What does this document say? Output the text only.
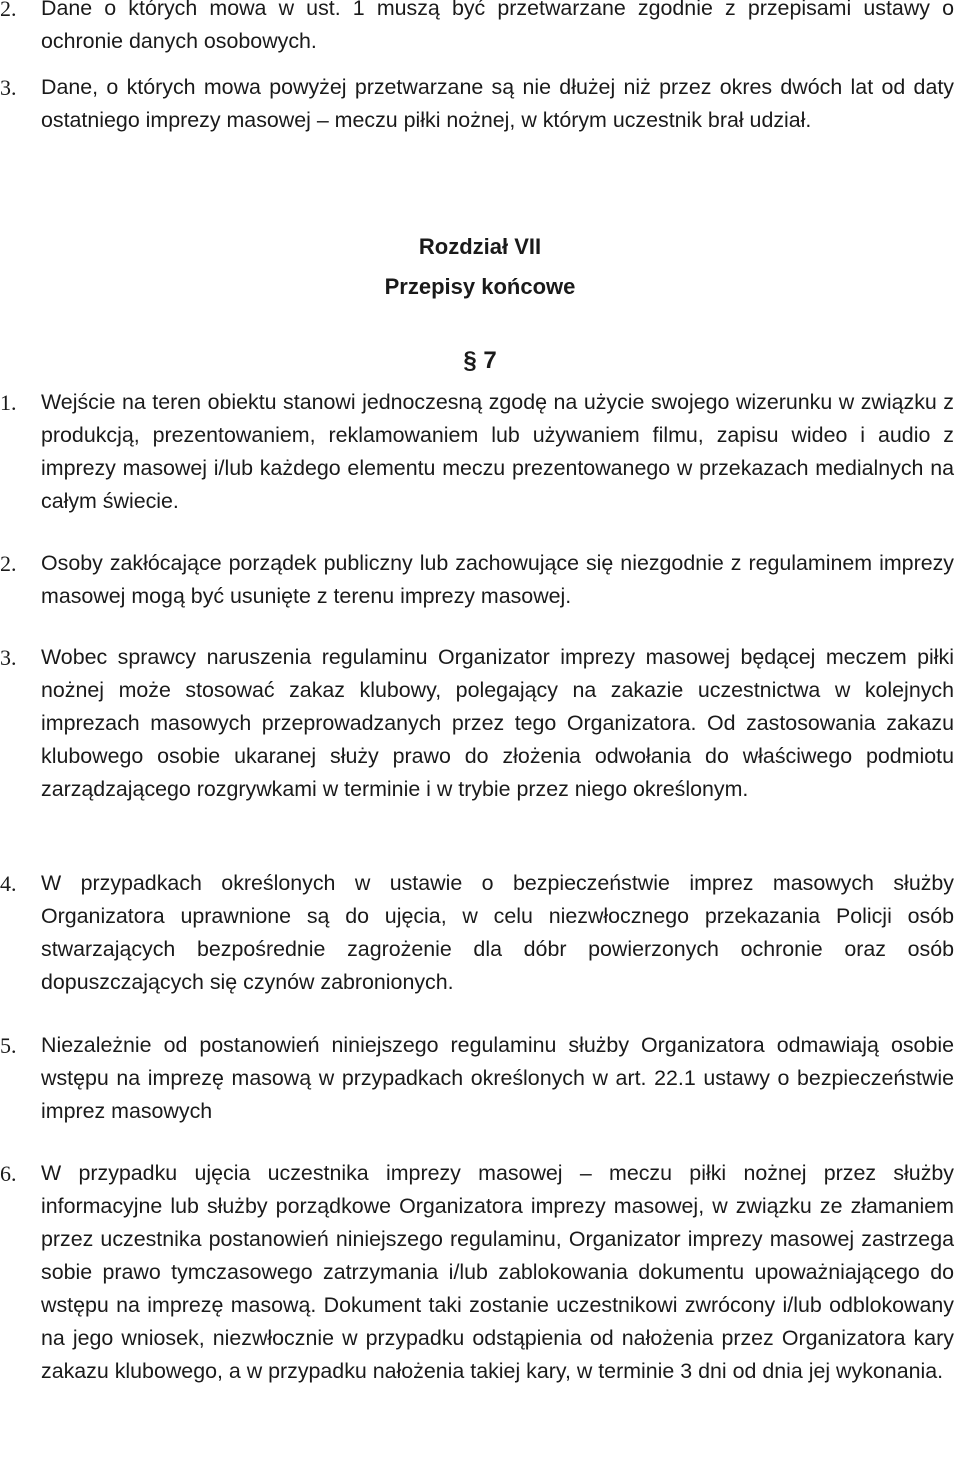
2.	Dane o których mowa w ust. 1 muszą być przetwarzane zgodnie z przepisami ustawy o ochronie danych osobowych.
3.	Dane, o których mowa powyżej przetwarzane są nie dłużej niż przez okres dwóch lat od daty ostatniego imprezy masowej – meczu piłki nożnej, w którym uczestnik brał udział.
Rozdział VII
Przepisy końcowe
§ 7
1.	Wejście na teren obiektu stanowi jednoczesną zgodę na użycie swojego wizerunku w związku z produkcją, prezentowaniem, reklamowaniem lub używaniem filmu, zapisu wideo i audio z imprezy masowej i/lub każdego elementu meczu prezentowanego w przekazach medialnych na całym świecie.
2.	Osoby zakłócające porządek publiczny lub zachowujące się niezgodnie z regulaminem imprezy masowej mogą być usunięte z terenu imprezy masowej.
3.	Wobec sprawcy naruszenia regulaminu Organizator imprezy masowej będącej meczem piłki nożnej może stosować zakaz klubowy, polegający na zakazie uczestnictwa w kolejnych imprezach masowych przeprowadzanych przez tego Organizatora. Od zastosowania zakazu klubowego osobie ukaranej służy prawo do złożenia odwołania do właściwego podmiotu zarządzającego rozgrywkami w terminie i w trybie przez niego określonym.
4.	W przypadkach określonych w ustawie o bezpieczeństwie imprez masowych służby Organizatora uprawnione są do ujęcia, w celu niezwłocznego przekazania Policji osób stwarzających bezpośrednie zagrożenie dla dóbr powierzonych ochronie oraz osób dopuszczających się czynów zabronionych.
5.	Niezależnie od postanowień niniejszego regulaminu służby Organizatora odmawiają osobie wstępu na imprezę masową w przypadkach określonych w art. 22.1 ustawy o bezpieczeństwie imprez masowych
6.	W przypadku ujęcia uczestnika imprezy masowej – meczu piłki nożnej przez służby informacyjne lub służby porządkowe Organizatora imprezy masowej, w związku ze złamaniem przez uczestnika postanowień niniejszego regulaminu, Organizator imprezy masowej zastrzega sobie prawo tymczasowego zatrzymania i/lub zablokowania dokumentu upoważniającego do wstępu na imprezę masową. Dokument taki zostanie uczestnikowi zwrócony i/lub odblokowany na jego wniosek, niezwłocznie w przypadku odstąpienia od nałożenia przez Organizatora kary zakazu klubowego, a w przypadku nałożenia takiej kary, w terminie 3 dni od dnia jej wykonania.
